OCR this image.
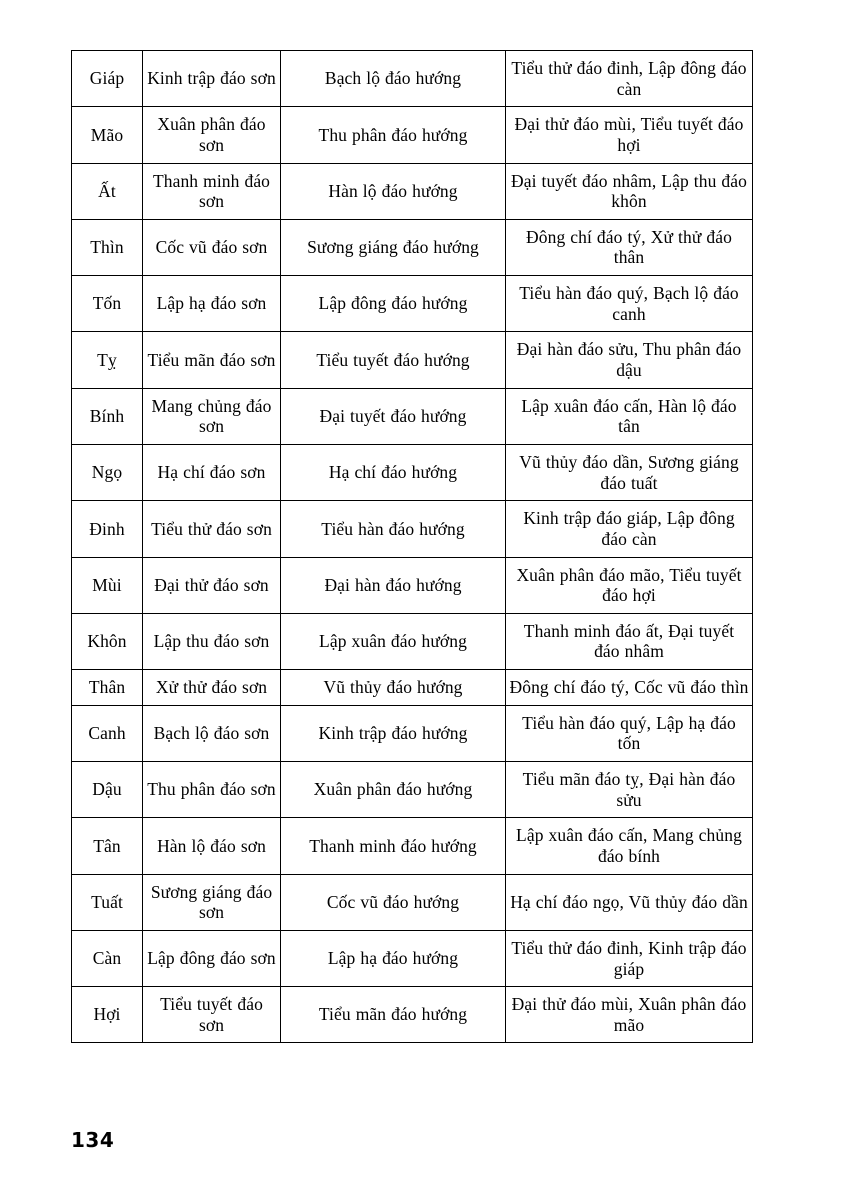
Giáp	Kinh trập đáo sơn	Bạch lộ đáo hướng	Tiểu thử đáo đinh, Lập đông đáo càn
Mão	Xuân phân đáo sơn	Thu phân đáo hướng	Đại thử đáo mùi, Tiểu tuyết đáo hợi
Ất	Thanh minh đáo sơn	Hàn lộ đáo hướng	Đại tuyết đáo nhâm, Lập thu đáo khôn
Thìn	Cốc vũ đáo sơn	Sương giáng đáo hướng	Đông chí đáo tý, Xử thử đáo thân
Tốn	Lập hạ đáo sơn	Lập đông đáo hướng	Tiểu hàn đáo quý, Bạch lộ đáo canh
Tỵ	Tiểu mãn đáo sơn	Tiểu tuyết đáo hướng	Đại hàn đáo sửu, Thu phân đáo dậu
Bính	Mang chủng đáo sơn	Đại tuyết đáo hướng	Lập xuân đáo cấn, Hàn lộ đáo tân
Ngọ	Hạ chí đáo sơn	Hạ chí đáo hướng	Vũ thủy đáo dần, Sương giáng đáo tuất
Đinh	Tiểu thử đáo sơn	Tiểu hàn đáo hướng	Kinh trập đáo giáp, Lập đông đáo càn
Mùi	Đại thử đáo sơn	Đại hàn đáo hướng	Xuân phân đáo mão, Tiểu tuyết đáo hợi
Khôn	Lập thu đáo sơn	Lập xuân đáo hướng	Thanh minh đáo ất, Đại tuyết đáo nhâm
Thân	Xử thử đáo sơn	Vũ thủy đáo hướng	Đông chí đáo tý, Cốc vũ đáo thìn
Canh	Bạch lộ đáo sơn	Kinh trập đáo hướng	Tiểu hàn đáo quý, Lập hạ đáo tốn
Dậu	Thu phân đáo sơn	Xuân phân đáo hướng	Tiểu mãn đáo tỵ, Đại hàn đáo sửu
Tân	Hàn lộ đáo sơn	Thanh minh đáo hướng	Lập xuân đáo cấn, Mang chủng đáo bính
Tuất	Sương giáng đáo sơn	Cốc vũ đáo hướng	Hạ chí đáo ngọ, Vũ thủy đáo dần
Càn	Lập đông đáo sơn	Lập hạ đáo hướng	Tiểu thử đáo đinh, Kinh trập đáo giáp
Hợi	Tiểu tuyết đáo sơn	Tiểu mãn đáo hướng	Đại thử đáo mùi, Xuân phân đáo mão
134
